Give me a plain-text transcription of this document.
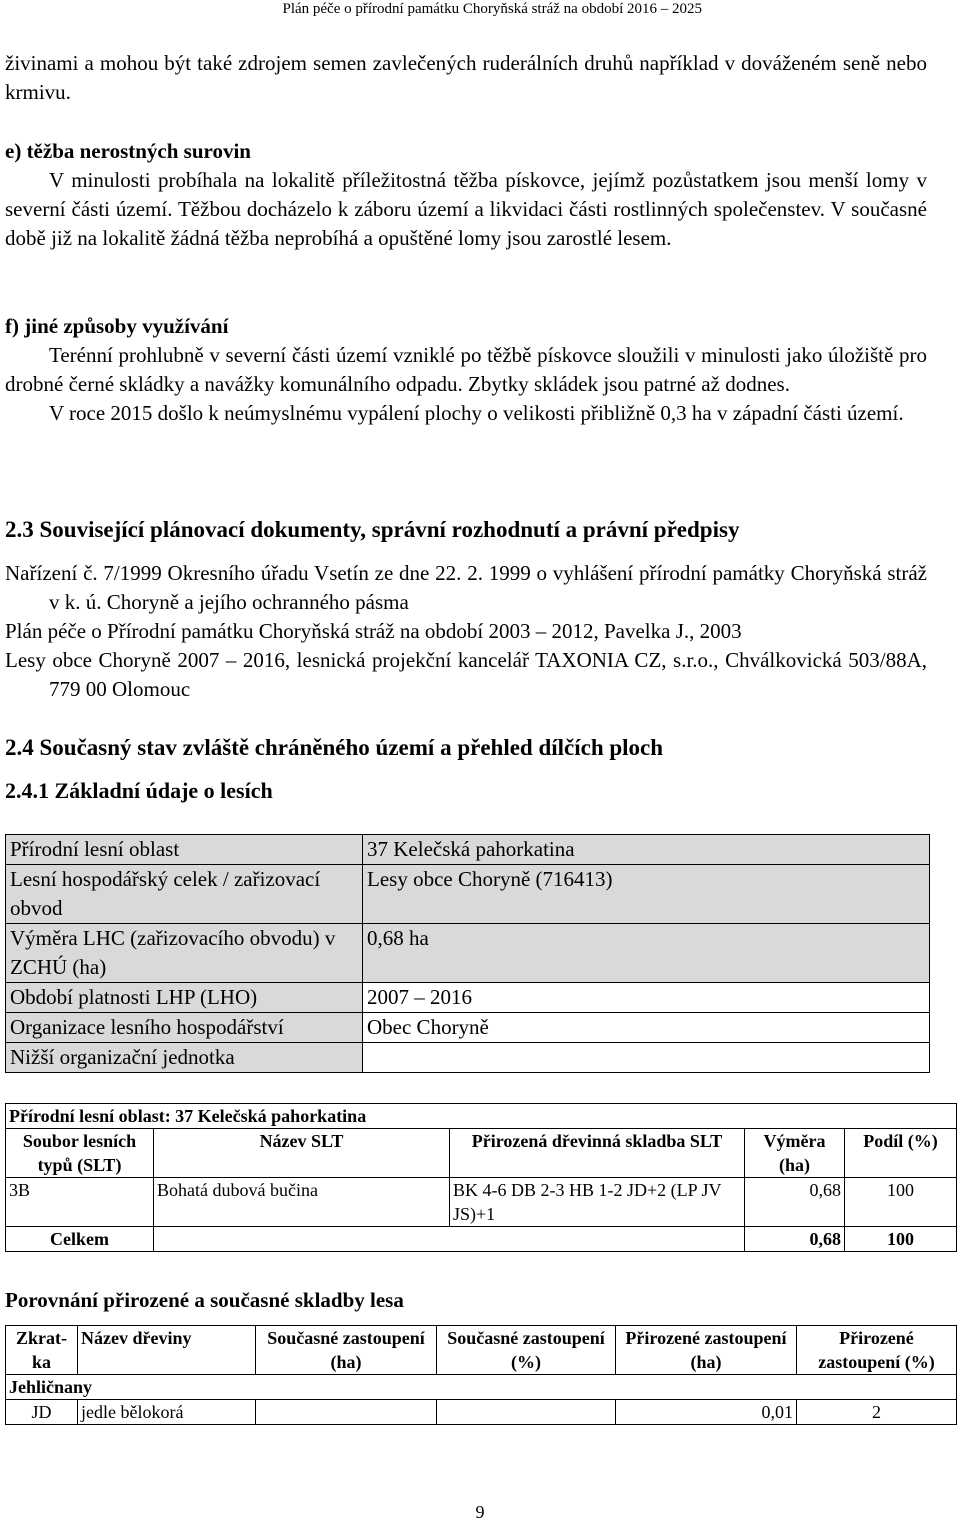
Plán péče o přírodní památku Choryňská stráž na období 2016 – 2025

živinami a mohou být také zdrojem semen zavlečených ruderálních druhů například v dováženém seně nebo krmivu.

e) těžba nerostných surovin

V minulosti probíhala na lokalitě příležitostná těžba pískovce, jejímž pozůstatkem jsou menší lomy v severní části území. Těžbou docházelo k záboru území a likvidaci části rostlinných společenstev. V současné době již na lokalitě žádná těžba neprobíhá a opuštěné lomy jsou zarostlé lesem.

f) jiné způsoby využívání

Terénní prohlubně v severní části území vzniklé po těžbě pískovce sloužili v minulosti jako úložiště pro drobné černé skládky a navážky komunálního odpadu. Zbytky skládek jsou patrné až dodnes.

V roce 2015 došlo k neúmyslnému vypálení plochy o velikosti přibližně 0,3 ha v západní části území.

2.3 Související plánovací dokumenty, správní rozhodnutí a právní předpisy

Nařízení č. 7/1999 Okresního úřadu Vsetín ze dne 22. 2. 1999 o vyhlášení přírodní památky Choryňská stráž v k. ú. Choryně a jejího ochranného pásma

Plán péče o Přírodní památku Choryňská stráž na období 2003 – 2012, Pavelka J., 2003

Lesy obce Choryně 2007 – 2016, lesnická projekční kancelář TAXONIA CZ, s.r.o., Chválkovická 503/88A, 779 00 Olomouc

2.4 Současný stav zvláště chráněného území a přehled dílčích ploch

2.4.1 Základní údaje o lesích

Přírodní lesní oblast	37 Kelečská pahorkatina
Lesní hospodářský celek / zařizovací obvod	Lesy obce Choryně (716413)
Výměra LHC (zařizovacího obvodu) v ZCHÚ (ha)	0,68 ha
Období platnosti LHP (LHO)	2007 – 2016
Organizace lesního hospodářství	Obec Choryně
Nižší organizační jednotka	
Přírodní lesní oblast: 37 Kelečská pahorkatina				
Soubor lesních typů (SLT)	Název SLT	Přirozená dřevinná skladba SLT	Výměra (ha)	Podíl (%)
3B	Bohatá dubová bučina	BK 4-6 DB 2-3 HB 1-2 JD+2 (LP JV JS)+1	0,68	100
Celkem			0,68	100

Porovnání přirozené a současné skladby lesa

Zkrat-ka	Název dřeviny	Současné zastoupení (ha)	Současné zastoupení (%)	Přirozené zastoupení (ha)	Přirozené zastoupení (%)
Jehličnany					
JD	jedle bělokorá			0,01	2
9
